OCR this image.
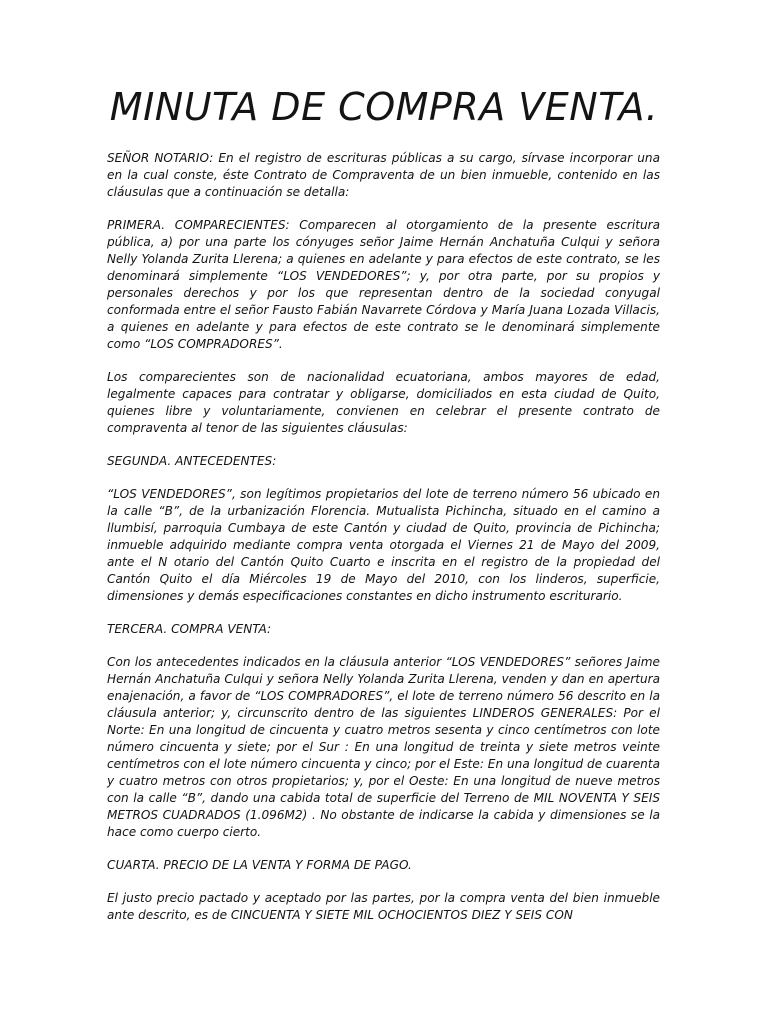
MINUTA DE COMPRA VENTA.

SEÑOR NOTARIO: En el registro de escrituras públicas a su cargo, sírvase incorporar una en la cual conste, éste Contrato de Compraventa de un bien inmueble, contenido en las cláusulas que a continuación se detalla:

PRIMERA. COMPARECIENTES: Comparecen al otorgamiento de la presente escritura pública, a) por una parte los cónyuges señor Jaime Hernán Anchatuña Culqui y señora Nelly Yolanda Zurita Llerena; a quienes en adelante y para efectos de este contrato, se les denominará simplemente “LOS VENDEDORES”; y, por otra parte, por su propios y personales derechos y por los que representan dentro de la sociedad conyugal conformada entre el señor Fausto Fabián Navarrete Córdova y María Juana Lozada Villacis, a quienes en adelante y para efectos de este contrato se le denominará simplemente como “LOS COMPRADORES”.

Los comparecientes son de nacionalidad ecuatoriana, ambos mayores de edad, legalmente capaces para contratar y obligarse, domiciliados en esta ciudad de Quito, quienes libre y voluntariamente, convienen en celebrar el presente contrato de compraventa al tenor de las siguientes cláusulas:

SEGUNDA. ANTECEDENTES:

“LOS VENDEDORES”, son legítimos propietarios del lote de terreno número 56 ubicado en la calle “B”, de la urbanización Florencia. Mutualista Pichincha, situado en el camino a llumbisí, parroquia Cumbaya de este Cantón y ciudad de Quito, provincia de Pichincha; inmueble adquirido mediante compra venta otorgada el Viernes 21 de Mayo del 2009, ante el N otario del Cantón Quito Cuarto e inscrita en el registro de la propiedad del Cantón Quito el día Miércoles 19 de Mayo del 2010, con los linderos, superficie, dimensiones y demás especificaciones constantes en dicho instrumento escriturario.

TERCERA. COMPRA VENTA:

Con los antecedentes indicados en la cláusula anterior “LOS VENDEDORES” señores Jaime Hernán Anchatuña Culqui y señora Nelly Yolanda Zurita Llerena, venden y dan en apertura enajenación, a favor de “LOS COMPRADORES”, el lote de terreno número 56 descrito en la cláusula anterior; y, circunscrito dentro de las siguientes LINDEROS GENERALES: Por el Norte: En una longitud de cincuenta y cuatro metros sesenta y cinco centímetros con lote número cincuenta y siete; por el Sur : En una longitud de treinta y siete metros veinte centímetros con el lote número cincuenta y cinco; por el Este: En una longitud de cuarenta y cuatro metros con otros propietarios; y, por el Oeste: En una longitud de nueve metros con la calle “B”, dando una cabida total de superficie del Terreno de MIL NOVENTA Y SEIS METROS CUADRADOS (1.096M2) . No obstante de indicarse la cabida y dimensiones se la hace como cuerpo cierto.

CUARTA. PRECIO DE LA VENTA Y FORMA DE PAGO.

El justo precio pactado y aceptado por las partes, por la compra venta del bien inmueble ante descrito, es de CINCUENTA Y SIETE MIL OCHOCIENTOS DIEZ Y SEIS CON
